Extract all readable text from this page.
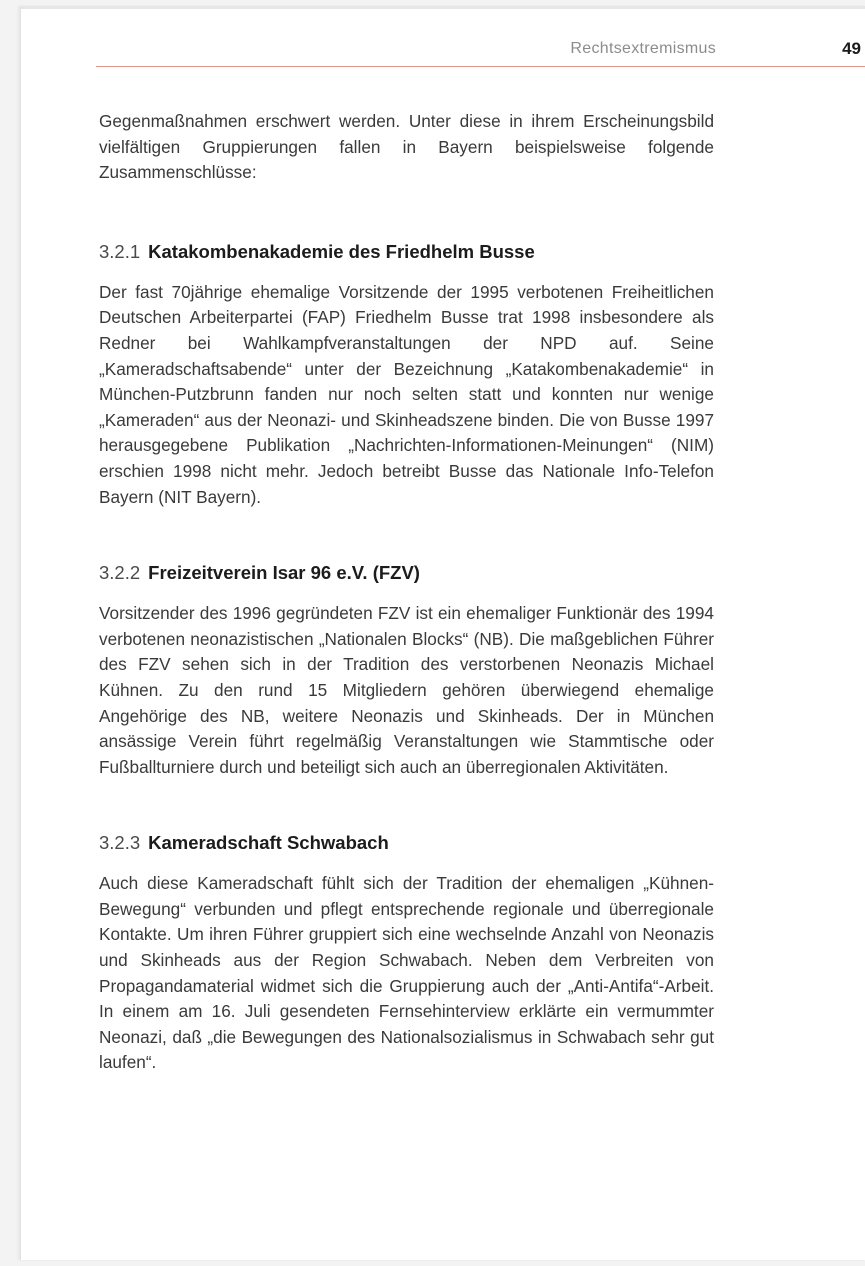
Rechtsextremismus	49

Gegenmaßnahmen erschwert werden. Unter diese in ihrem Erscheinungsbild vielfältigen Gruppierungen fallen in Bayern beispielsweise folgende Zusammenschlüsse:

3.2.1 Katakombenakademie des Friedhelm Busse

Der fast 70jährige ehemalige Vorsitzende der 1995 verbotenen Freiheitlichen Deutschen Arbeiterpartei (FAP) Friedhelm Busse trat 1998 insbesondere als Redner bei Wahlkampfveranstaltungen der NPD auf. Seine „Kameradschaftsabende“ unter der Bezeichnung „Katakombenakademie“ in München-Putzbrunn fanden nur noch selten statt und konnten nur wenige „Kameraden“ aus der Neonazi- und Skinheadszene binden. Die von Busse 1997 herausgegebene Publikation „Nachrichten-Informationen-Meinungen“ (NIM) erschien 1998 nicht mehr. Jedoch betreibt Busse das Nationale Info-Telefon Bayern (NIT Bayern).

3.2.2 Freizeitverein Isar 96 e.V. (FZV)

Vorsitzender des 1996 gegründeten FZV ist ein ehemaliger Funktionär des 1994 verbotenen neonazistischen „Nationalen Blocks“ (NB). Die maßgeblichen Führer des FZV sehen sich in der Tradition des verstorbenen Neonazis Michael Kühnen. Zu den rund 15 Mitgliedern gehören überwiegend ehemalige Angehörige des NB, weitere Neonazis und Skinheads. Der in München ansässige Verein führt regelmäßig Veranstaltungen wie Stammtische oder Fußballturniere durch und beteiligt sich auch an überregionalen Aktivitäten.

3.2.3 Kameradschaft Schwabach

Auch diese Kameradschaft fühlt sich der Tradition der ehemaligen „Kühnen-Bewegung“ verbunden und pflegt entsprechende regionale und überregionale Kontakte. Um ihren Führer gruppiert sich eine wechselnde Anzahl von Neonazis und Skinheads aus der Region Schwabach. Neben dem Verbreiten von Propagandamaterial widmet sich die Gruppierung auch der „Anti-Antifa“-Arbeit. In einem am 16. Juli gesendeten Fernsehinterview erklärte ein vermummter Neonazi, daß „die Bewegungen des Nationalsozialismus in Schwabach sehr gut laufen“.
